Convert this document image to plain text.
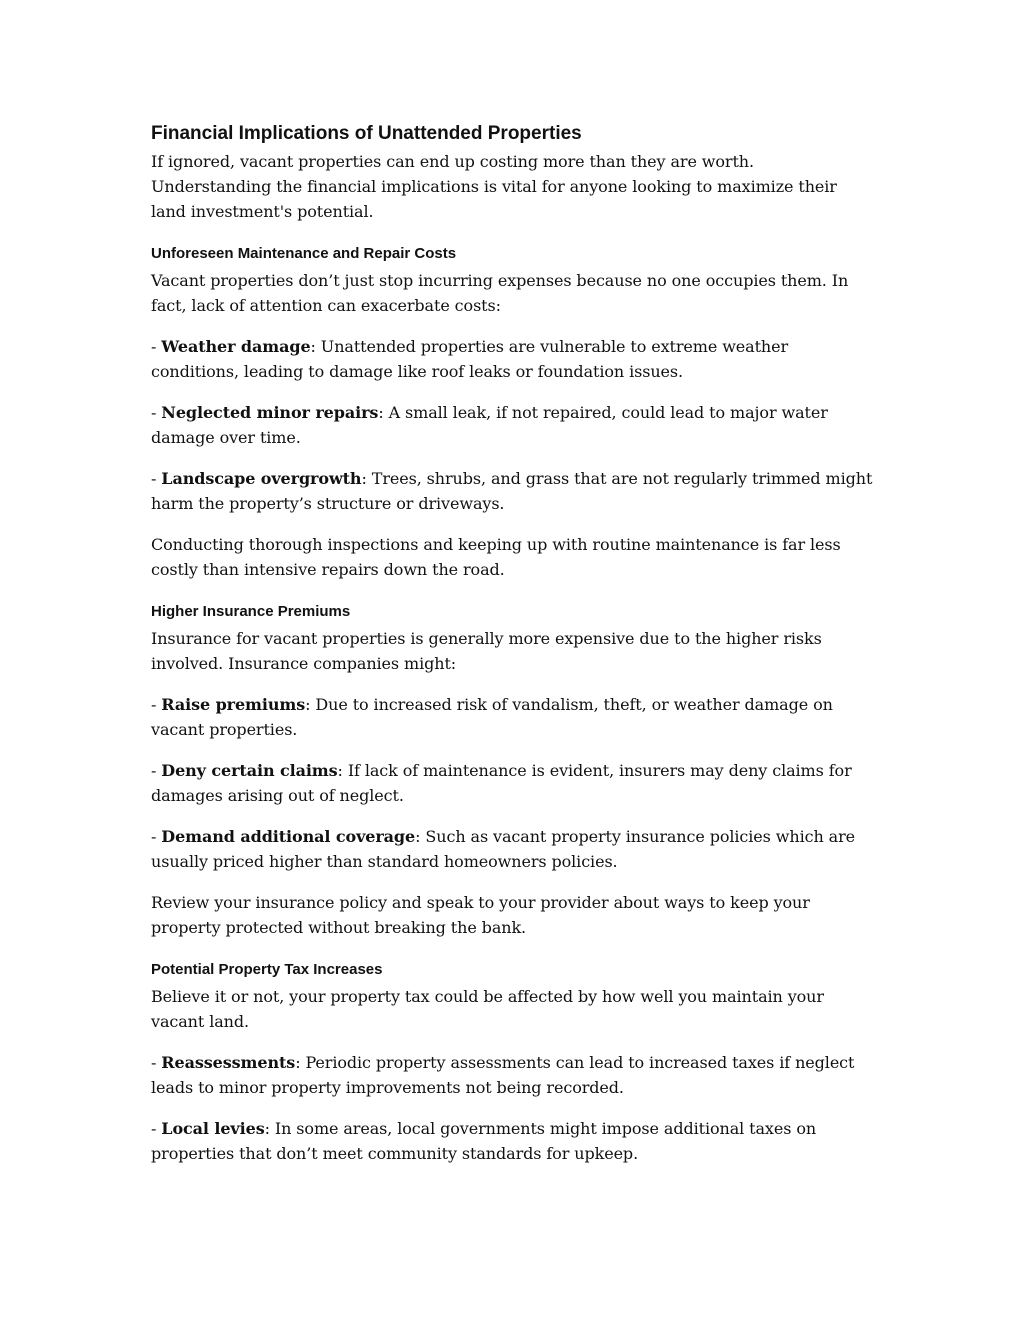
Financial Implications of Unattended Properties

If ignored, vacant properties can end up costing more than they are worth. Understanding the financial implications is vital for anyone looking to maximize their land investment's potential.

Unforeseen Maintenance and Repair Costs

Vacant properties don’t just stop incurring expenses because no one occupies them. In fact, lack of attention can exacerbate costs:

- Weather damage: Unattended properties are vulnerable to extreme weather conditions, leading to damage like roof leaks or foundation issues.

- Neglected minor repairs: A small leak, if not repaired, could lead to major water damage over time.

- Landscape overgrowth: Trees, shrubs, and grass that are not regularly trimmed might harm the property’s structure or driveways.

Conducting thorough inspections and keeping up with routine maintenance is far less costly than intensive repairs down the road.

Higher Insurance Premiums

Insurance for vacant properties is generally more expensive due to the higher risks involved. Insurance companies might:

- Raise premiums: Due to increased risk of vandalism, theft, or weather damage on vacant properties.

- Deny certain claims: If lack of maintenance is evident, insurers may deny claims for damages arising out of neglect.

- Demand additional coverage: Such as vacant property insurance policies which are usually priced higher than standard homeowners policies.

Review your insurance policy and speak to your provider about ways to keep your property protected without breaking the bank.

Potential Property Tax Increases

Believe it or not, your property tax could be affected by how well you maintain your vacant land.

- Reassessments: Periodic property assessments can lead to increased taxes if neglect leads to minor property improvements not being recorded.

- Local levies: In some areas, local governments might impose additional taxes on properties that don’t meet community standards for upkeep.
